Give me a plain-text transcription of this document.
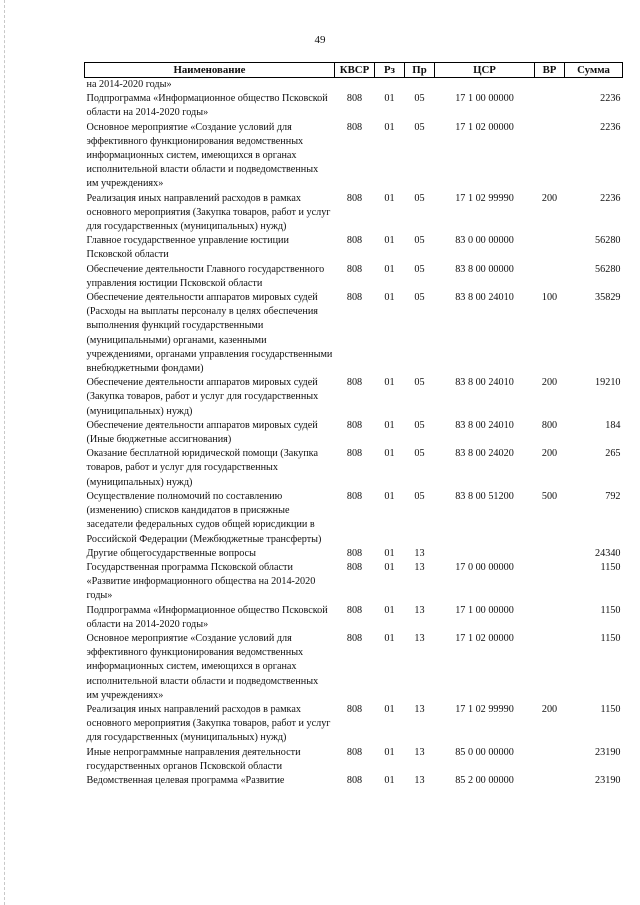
49
Наименование	КВСР	Рз	Пр	ЦСР	ВР	Сумма
на 2014-2020 годы»						
Подпрограмма «Информационное общество Псковской области на 2014-2020 годы»	808	01	05	17 1 00 00000		2236
Основное мероприятие «Создание условий для эффективного функционирования ведомственных информационных систем, имеющихся в органах исполнительной власти области и подведомственных им учреждениях»	808	01	05	17 1 02 00000		2236
Реализация иных направлений расходов в рамках основного мероприятия (Закупка товаров, работ и услуг для государственных (муниципальных) нужд)	808	01	05	17 1 02 99990	200	2236
Главное государственное управление юстиции Псковской области	808	01	05	83 0 00 00000		56280
Обеспечение деятельности Главного государственного управления юстиции Псковской области	808	01	05	83 8 00 00000		56280
Обеспечение деятельности аппаратов мировых судей (Расходы на выплаты персоналу в целях обеспечения выполнения функций государственными (муниципальными) органами, казенными учреждениями, органами управления государственными внебюджетными фондами)	808	01	05	83 8 00 24010	100	35829
Обеспечение деятельности аппаратов мировых судей (Закупка товаров, работ и услуг для государственных (муниципальных) нужд)	808	01	05	83 8 00 24010	200	19210
Обеспечение деятельности аппаратов мировых судей (Иные бюджетные ассигнования)	808	01	05	83 8 00 24010	800	184
Оказание бесплатной юридической помощи (Закупка товаров, работ и услуг для государственных (муниципальных) нужд)	808	01	05	83 8 00 24020	200	265
Осуществление полномочий по составлению (изменению) списков кандидатов в присяжные заседатели федеральных судов общей юрисдикции в Российской Федерации (Межбюджетные трансферты)	808	01	05	83 8 00 51200	500	792
Другие общегосударственные вопросы	808	01	13			24340
Государственная программа Псковской области «Развитие информационного общества на 2014-2020 годы»	808	01	13	17 0 00 00000		1150
Подпрограмма «Информационное общество Псковской области на 2014-2020 годы»	808	01	13	17 1 00 00000		1150
Основное мероприятие «Создание условий для эффективного функционирования ведомственных информационных систем, имеющихся в органах исполнительной власти области и подведомственных им учреждениях»	808	01	13	17 1 02 00000		1150
Реализация иных направлений расходов в рамках основного мероприятия (Закупка товаров, работ и услуг для государственных (муниципальных) нужд)	808	01	13	17 1 02 99990	200	1150
Иные непрограммные направления деятельности государственных органов Псковской области	808	01	13	85 0 00 00000		23190
Ведомственная целевая программа «Развитие	808	01	13	85 2 00 00000		23190
